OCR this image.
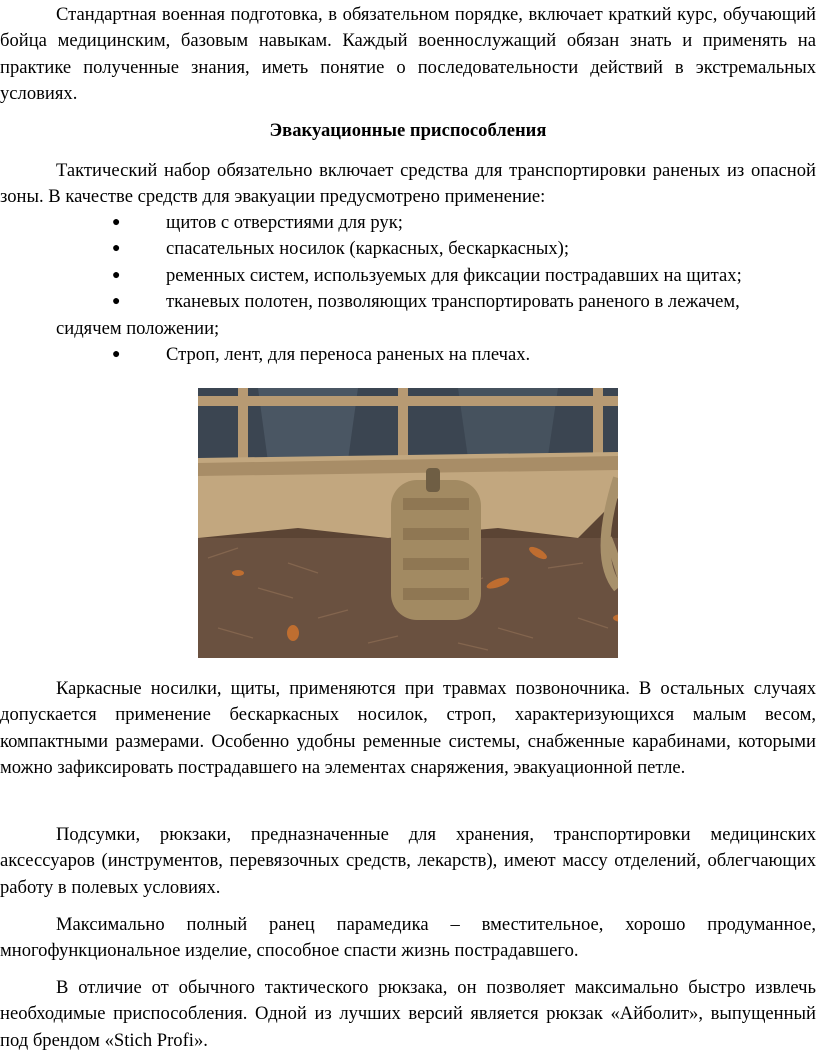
Стандартная военная подготовка, в обязательном порядке, включает краткий курс, обучающий бойца медицинским, базовым навыкам. Каждый военнослужащий обязан знать и применять на практике полученные знания, иметь понятие о последовательности действий в экстремальных условиях.

Эвакуационные приспособления

Тактический набор обязательно включает средства для транспортировки раненых из опасной зоны. В качестве средств для эвакуации предусмотрено применение:

● щитов с отверстиями для рук;
● спасательных носилок (каркасных, бескаркасных);
● ременных систем, используемых для фиксации пострадавших на щитах;
● тканевых полотен, позволяющих транспортировать раненого в лежачем,
сидячем положении;
● Строп, лент, для переноса раненых на плечах.

Каркасные носилки, щиты, применяются при травмах позвоночника. В остальных случаях допускается применение бескаркасных носилок, строп, характеризующихся малым весом, компактными размерами. Особенно удобны ременные системы, снабженные карабинами, которыми можно зафиксировать пострадавшего на элементах снаряжения, эвакуационной петле.

Подсумки, рюкзаки, предназначенные для хранения, транспортировки медицинских аксессуаров (инструментов, перевязочных средств, лекарств), имеют массу отделений, облегчающих работу в полевых условиях.

Максимально полный ранец парамедика – вместительное, хорошо продуманное, многофункциональное изделие, способное спасти жизнь пострадавшего.

В отличие от обычного тактического рюкзака, он позволяет максимально быстро извлечь необходимые приспособления. Одной из лучших версий является рюкзак «Айболит», выпущенный под брендом «Stich Profi».
